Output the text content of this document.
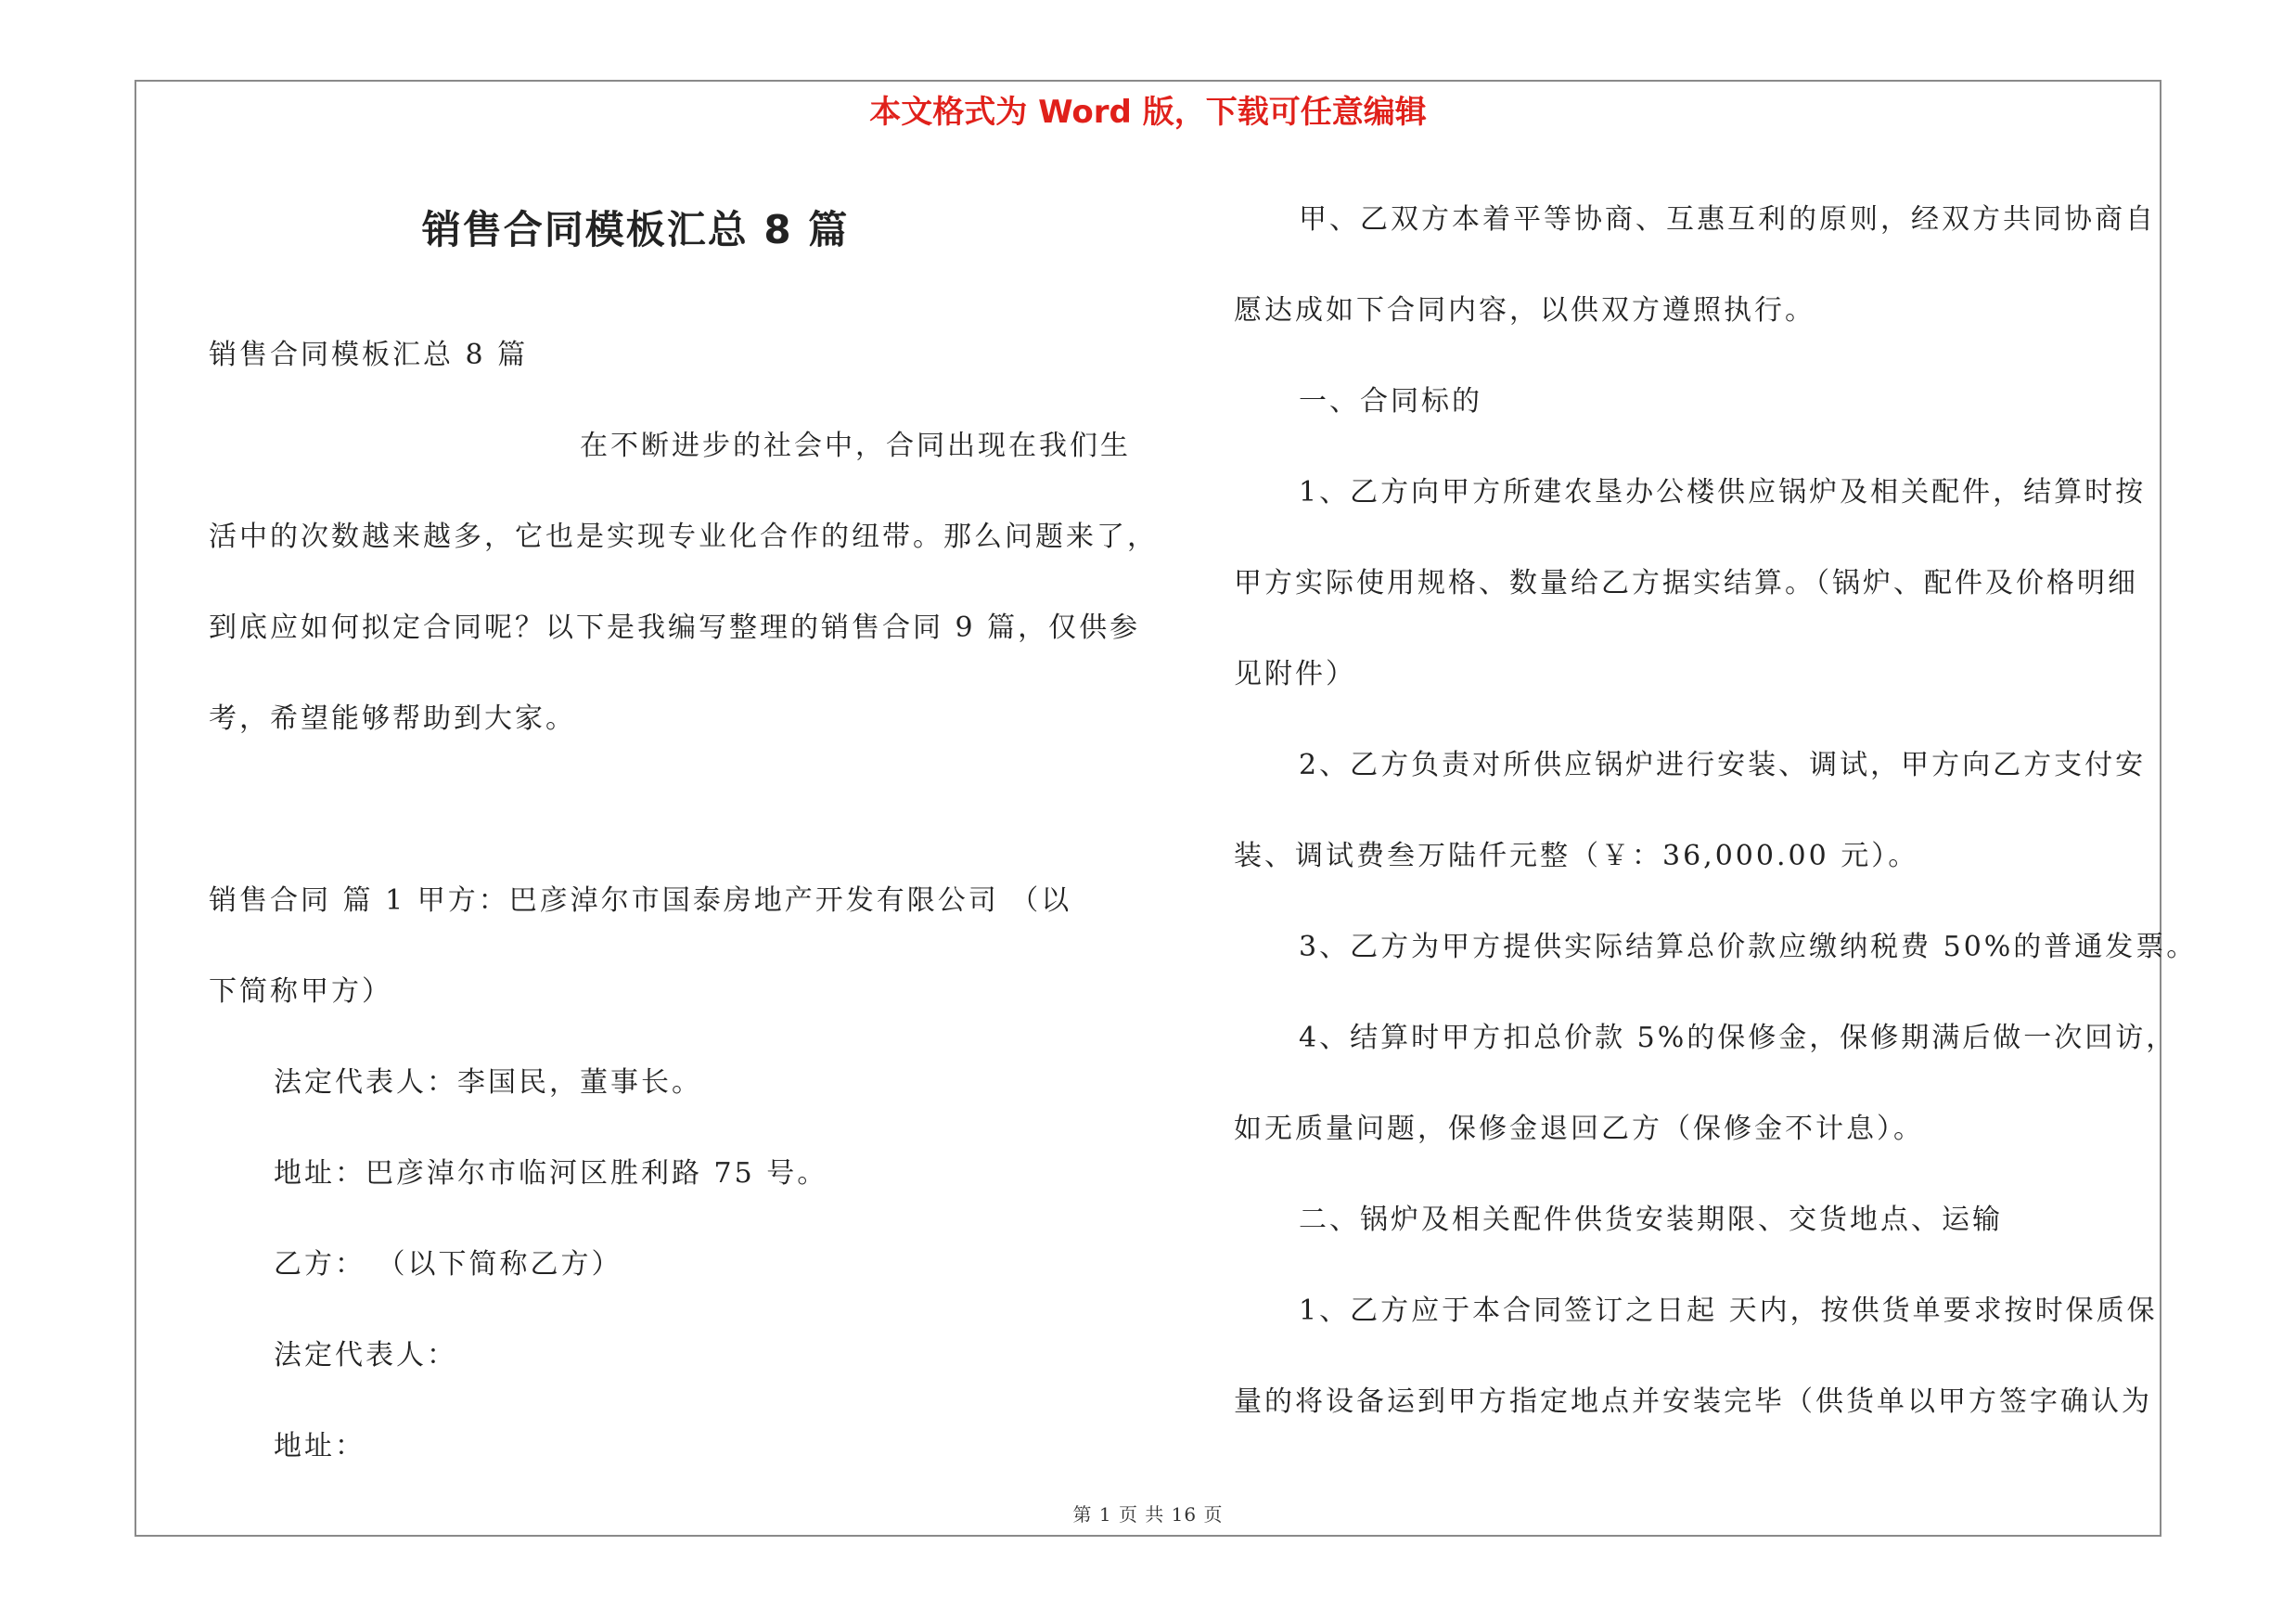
本文格式为 Word 版，下载可任意编辑
销售合同模板汇总 8 篇

销售合同模板汇总 8 篇

在不断进步的社会中，合同出现在我们生

活中的次数越来越多，它也是实现专业化合作的纽带。那么问题来了，

到底应如何拟定合同呢？以下是我编写整理的销售合同 9 篇，仅供参

考，希望能够帮助到大家。

销售合同 篇 1 甲方：巴彦淖尔市国泰房地产开发有限公司 （以

下简称甲方）

法定代表人：李国民，董事长。

地址：巴彦淖尔市临河区胜利路 75 号。

乙方： （以下简称乙方）

法定代表人：

地址：

甲、乙双方本着平等协商、互惠互利的原则，经双方共同协商自

愿达成如下合同内容，以供双方遵照执行。

一、合同标的

1、乙方向甲方所建农垦办公楼供应锅炉及相关配件，结算时按

甲方实际使用规格、数量给乙方据实结算。（锅炉、配件及价格明细

见附件）

2、乙方负责对所供应锅炉进行安装、调试，甲方向乙方支付安

装、调试费叁万陆仟元整（￥：36,000.00 元）。

3、乙方为甲方提供实际结算总价款应缴纳税费 50%的普通发票。

4、结算时甲方扣总价款 5%的保修金，保修期满后做一次回访，

如无质量问题，保修金退回乙方（保修金不计息）。

二、锅炉及相关配件供货安装期限、交货地点、运输

1、乙方应于本合同签订之日起 天内，按供货单要求按时保质保

量的将设备运到甲方指定地点并安装完毕（供货单以甲方签字确认为

第 1 页 共 16 页
